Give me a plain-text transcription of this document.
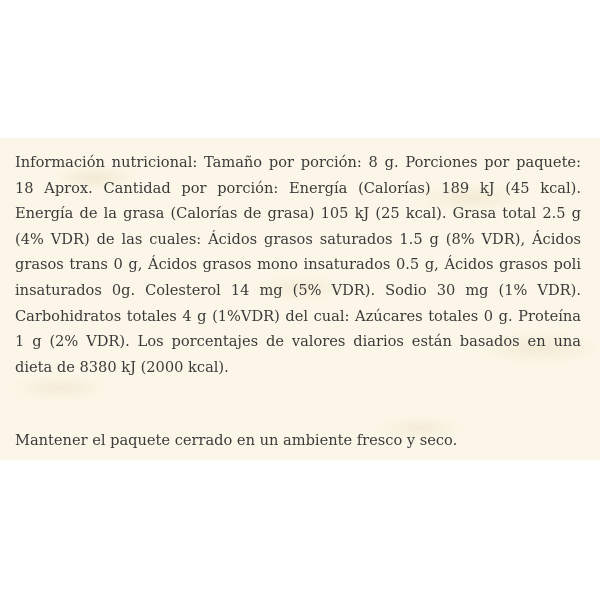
Información nutricional: Tamaño por porción: 8 g. Porciones por paquete: 18 Aprox. Cantidad por porción: Energía (Calorías) 189 kJ (45 kcal). Energía de la grasa (Calorías de grasa) 105 kJ (25 kcal). Grasa total 2.5 g (4% VDR) de las cuales: Ácidos grasos saturados 1.5 g (8% VDR), Ácidos grasos trans 0 g, Ácidos grasos mono insaturados 0.5 g, Ácidos grasos poli insaturados 0g. Colesterol 14 mg (5% VDR). Sodio 30 mg (1% VDR). Carbohidratos totales 4 g (1%VDR) del cual: Azúcares totales 0 g. Proteína 1 g (2% VDR). Los porcentajes de valores diarios están basados en una dieta de 8380 kJ (2000 kcal).

Mantener el paquete cerrado en un ambiente fresco y seco.
